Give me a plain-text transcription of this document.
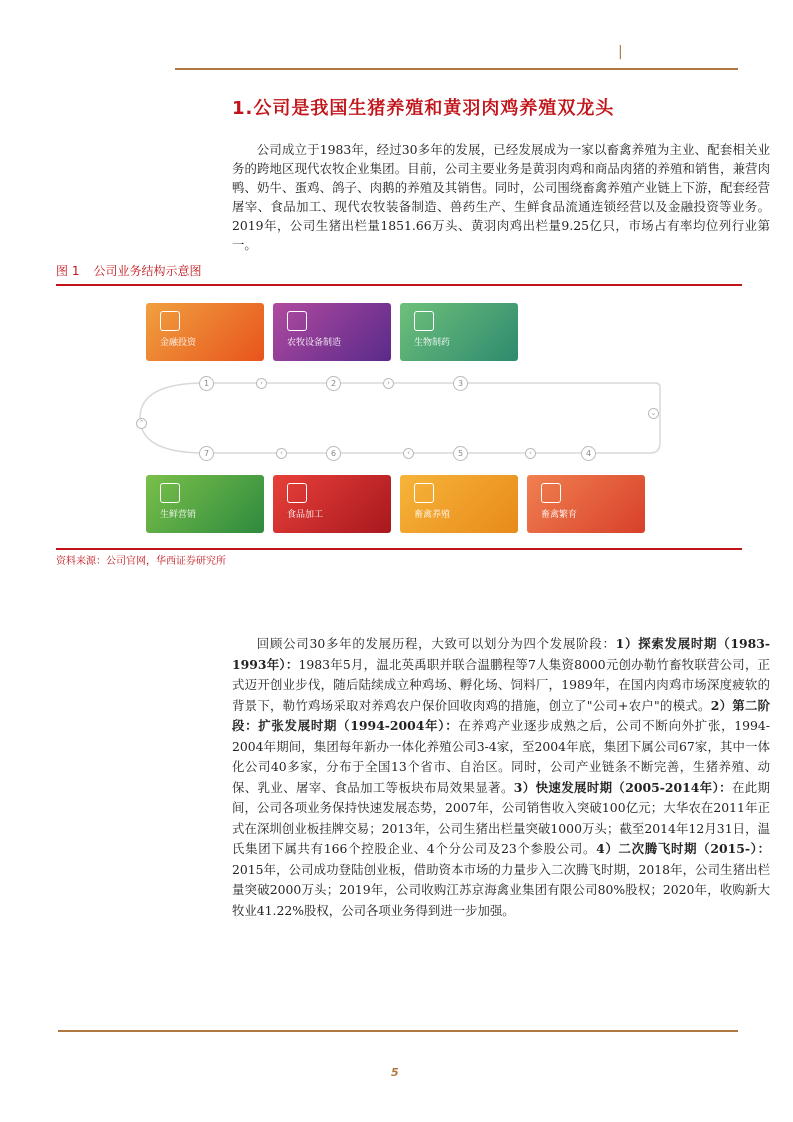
|
1.公司是我国生猪养殖和黄羽肉鸡养殖双龙头

公司成立于1983年，经过30多年的发展，已经发展成为一家以畜禽养殖为主业、配套相关业务的跨地区现代农牧企业集团。目前，公司主要业务是黄羽肉鸡和商品肉猪的养殖和销售，兼营肉鸭、奶牛、蛋鸡、鸽子、肉鹅的养殖及其销售。同时，公司围绕畜禽养殖产业链上下游，配套经营屠宰、食品加工、现代农牧装备制造、兽药生产、生鲜食品流通连锁经营以及金融投资等业务。2019年，公司生猪出栏量1851.66万头、黄羽肉鸡出栏量9.25亿只，市场占有率均位列行业第一。

图 1 公司业务结构示意图
金融投资	农牧设备制造	生物制药
1	›	2	›	3
⌄
⌃
7	‹	6	‹	5	‹	4
生鲜营销	食品加工	畜禽养殖	畜禽繁育
资料来源：公司官网，华西证券研究所

回顾公司30多年的发展历程，大致可以划分为四个发展阶段：1）探索发展时期（1983-1993年）：1983年5月，温北英禹职并联合温鹏程等7人集资8000元创办勒竹畜牧联营公司，正式迈开创业步伐，随后陆续成立种鸡场、孵化场、饲料厂，1989年，在国内肉鸡市场深度疲软的背景下，勒竹鸡场采取对养鸡农户保价回收肉鸡的措施，创立了"公司+农户"的模式。2）第二阶段：扩张发展时期（1994-2004年）：在养鸡产业逐步成熟之后，公司不断向外扩张，1994-2004年期间，集团每年新办一体化养殖公司3-4家，至2004年底，集团下属公司67家，其中一体化公司40多家，分布于全国13个省市、自治区。同时，公司产业链条不断完善，生猪养殖、动保、乳业、屠宰、食品加工等板块布局效果显著。3）快速发展时期（2005-2014年）：在此期间，公司各项业务保持快速发展态势，2007年，公司销售收入突破100亿元；大华农在2011年正式在深圳创业板挂牌交易；2013年，公司生猪出栏量突破1000万头；截至2014年12月31日，温氏集团下属共有166个控股企业、4个分公司及23个参股公司。4）二次腾飞时期（2015-）：2015年，公司成功登陆创业板，借助资本市场的力量步入二次腾飞时期，2018年，公司生猪出栏量突破2000万头；2019年，公司收购江苏京海禽业集团有限公司80%股权；2020年，收购新大牧业41.22%股权，公司各项业务得到进一步加强。

5
